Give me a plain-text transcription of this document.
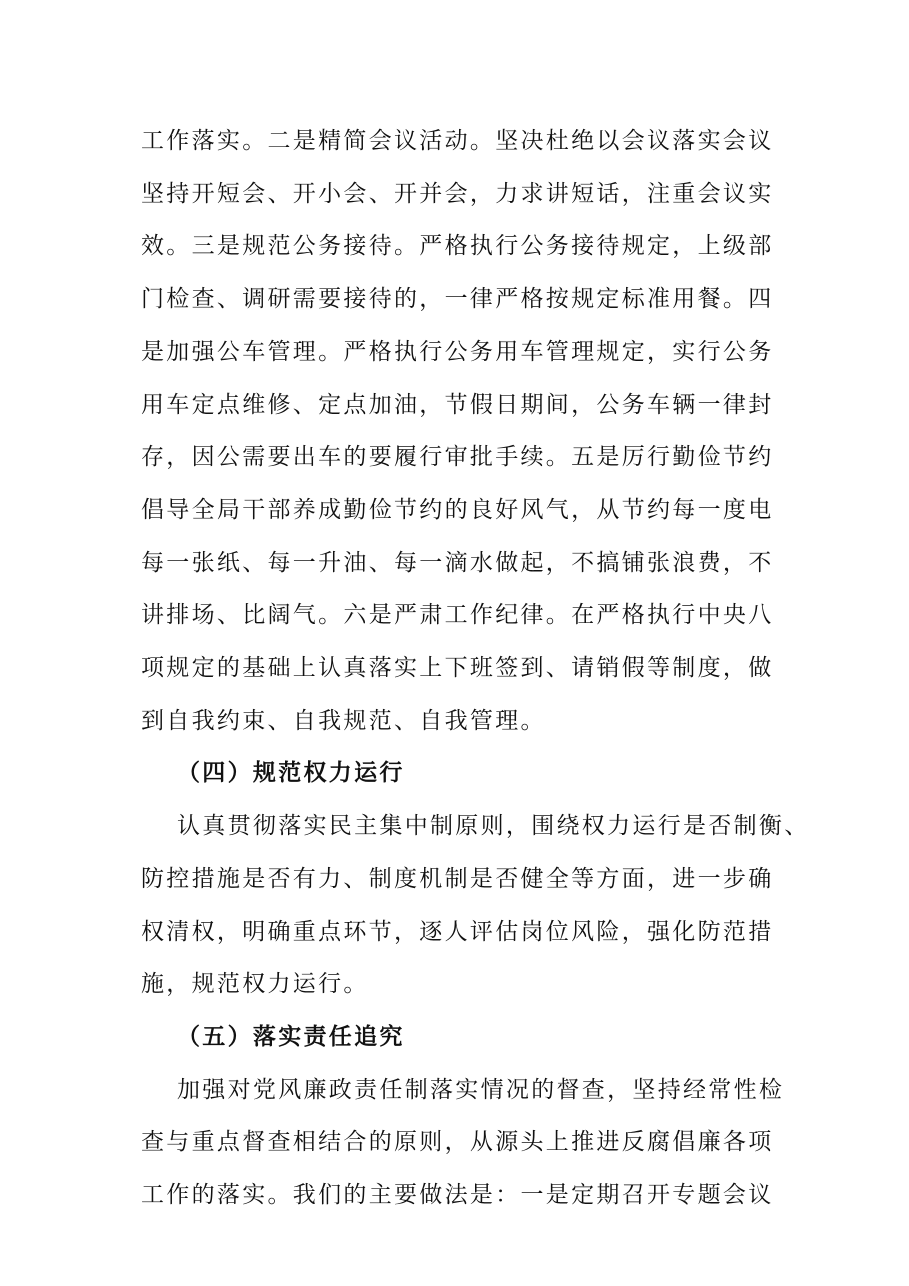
工作落实。二是精简会议活动。坚决杜绝以会议落实会议
坚持开短会、开小会、开并会，力求讲短话，注重会议实
效。三是规范公务接待。严格执行公务接待规定，上级部
门检查、调研需要接待的，一律严格按规定标准用餐。四
是加强公车管理。严格执行公务用车管理规定，实行公务
用车定点维修、定点加油，节假日期间，公务车辆一律封
存，因公需要出车的要履行审批手续。五是厉行勤俭节约
倡导全局干部养成勤俭节约的良好风气，从节约每一度电
每一张纸、每一升油、每一滴水做起，不搞铺张浪费，不
讲排场、比阔气。六是严肃工作纪律。在严格执行中央八
项规定的基础上认真落实上下班签到、请销假等制度，做
到自我约束、自我规范、自我管理。
（四）规范权力运行
认真贯彻落实民主集中制原则，围绕权力运行是否制衡、
防控措施是否有力、制度机制是否健全等方面，进一步确
权清权，明确重点环节，逐人评估岗位风险，强化防范措
施，规范权力运行。
（五）落实责任追究
加强对党风廉政责任制落实情况的督查，坚持经常性检
查与重点督查相结合的原则，从源头上推进反腐倡廉各项
工作的落实。我们的主要做法是：一是定期召开专题会议
